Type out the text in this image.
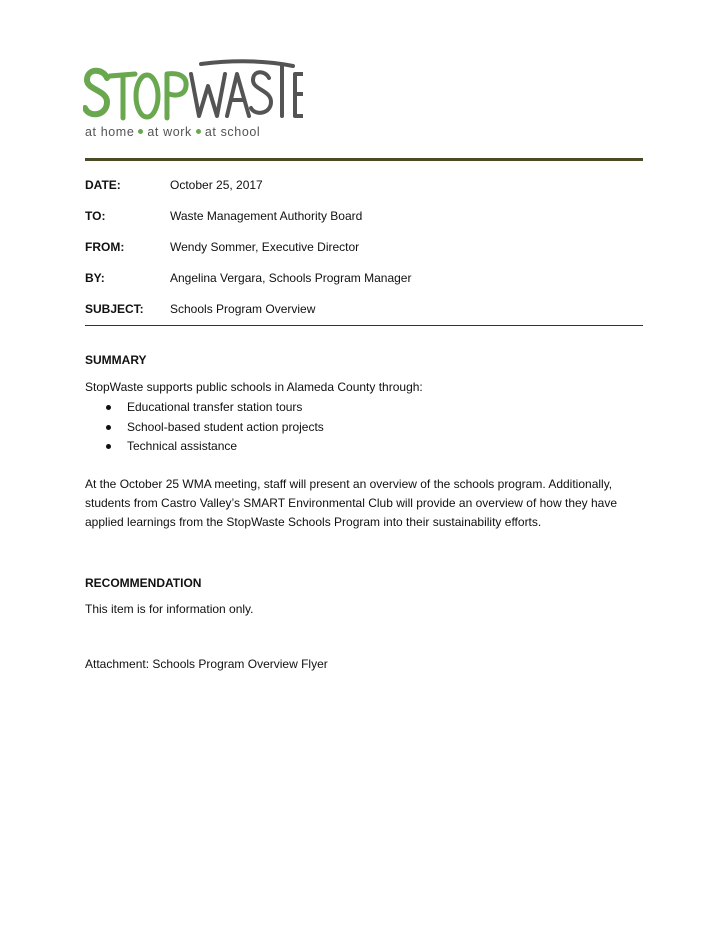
at home at work at school
DATE:	October 25, 2017
TO:	Waste Management Authority Board
FROM:	Wendy Sommer, Executive Director
BY:	Angelina Vergara, Schools Program Manager
SUBJECT: Schools Program Overview
SUMMARY
StopWaste supports public schools in Alameda County through:
Educational transfer station tours
School-based student action projects
Technical assistance
At the October 25 WMA meeting, staff will present an overview of the schools program. Additionally, students from Castro Valley’s SMART Environmental Club will provide an overview of how they have applied learnings from the StopWaste Schools Program into their sustainability efforts.
RECOMMENDATION
This item is for information only.
Attachment: Schools Program Overview Flyer
